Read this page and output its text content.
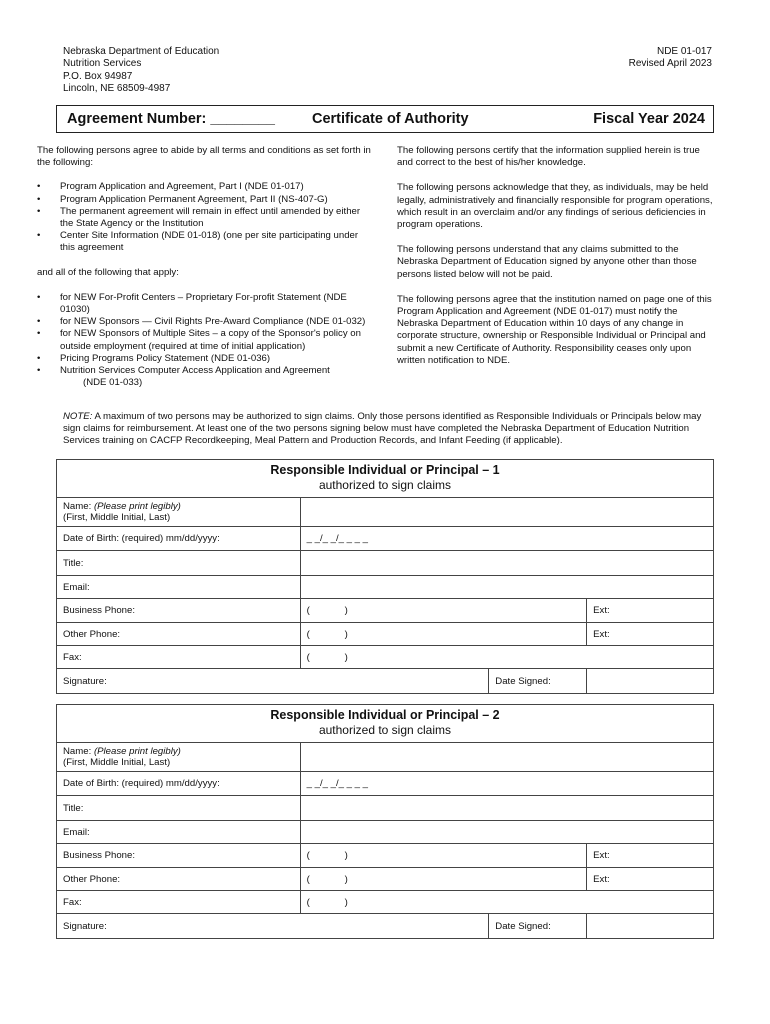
Nebraska Department of Education
Nutrition Services
P.O. Box 94987
Lincoln, NE 68509-4987
NDE 01-017
Revised April 2023
Agreement Number: ________	Certificate of Authority	Fiscal Year 2024

The following persons agree to abide by all terms and conditions as set forth in the following:

• Program Application and Agreement, Part I (NDE 01-017)
• Program Application Permanent Agreement, Part II (NS-407-G)
• The permanent agreement will remain in effect until amended by either the State Agency or the Institution
• Center Site Information (NDE 01-018) (one per site participating under this agreement

and all of the following that apply:

• for NEW For-Profit Centers – Proprietary For-profit Statement (NDE 01030)
• for NEW Sponsors — Civil Rights Pre-Award Compliance (NDE 01-032)
• for NEW Sponsors of Multiple Sites – a copy of the Sponsor's policy on outside employment (required at time of initial application)
• Pricing Programs Policy Statement (NDE 01-036)
• Nutrition Services Computer Access Application and Agreement
(NDE 01-033)

The following persons certify that the information supplied herein is true and correct to the best of his/her knowledge.

The following persons acknowledge that they, as individuals, may be held legally, administratively and financially responsible for program operations, which result in an overclaim and/or any findings of serious deficiencies in program operations.

The following persons understand that any claims submitted to the Nebraska Department of Education signed by anyone other than those persons listed below will not be paid.

The following persons agree that the institution named on page one of this Program Application and Agreement (NDE 01-017) must notify the Nebraska Department of Education within 10 days of any change in corporate structure, ownership or Responsible Individual or Principal and submit a new Certificate of Authority. Responsibility ceases only upon written notification to NDE.

NOTE: A maximum of two persons may be authorized to sign claims. Only those persons identified as Responsible Individuals or Principals below may sign claims for reimbursement. At least one of the two persons signing below must have completed the Nebraska Department of Education Nutrition Services training on CACFP Recordkeeping, Meal Pattern and Production Records, and Infant Feeding (if applicable).
Responsible Individual or Principal – 1
authorized to sign claims			

Name: (Please print legibly)
(First, Middle Initial, Last)			
Date of Birth: (required) mm/dd/yyyy:	_ _/_ _/_ _ _ _		
Title:			
Email:			
Business Phone:	( )		Ext:
Other Phone:	( )		Ext:
Fax:	( )		
Signature:		Date Signed:	
Responsible Individual or Principal – 2
authorized to sign claims			

Name: (Please print legibly)
(First, Middle Initial, Last)			
Date of Birth: (required) mm/dd/yyyy:	_ _/_ _/_ _ _ _		
Title:			
Email:			
Business Phone:	( )		Ext:
Other Phone:	( )		Ext:
Fax:	( )		
Signature:		Date Signed:	
